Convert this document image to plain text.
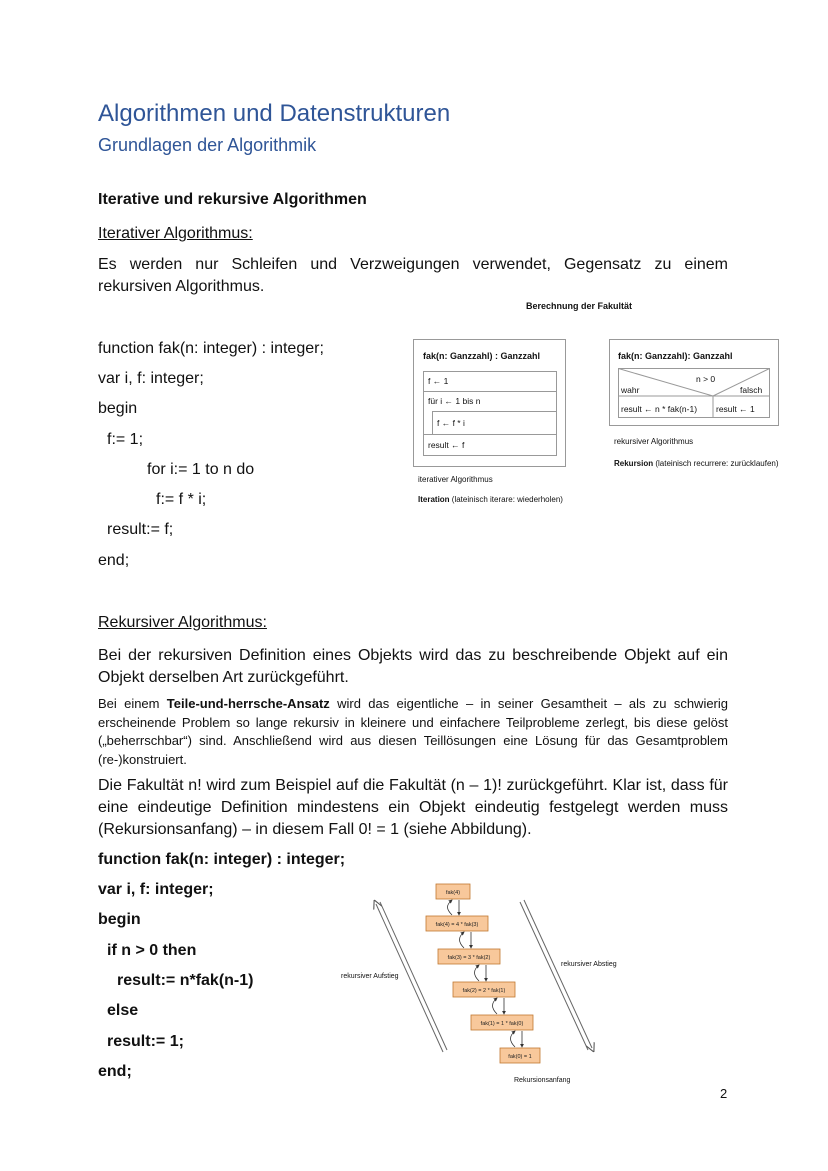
Algorithmen und Datenstrukturen
Grundlagen der Algorithmik
Iterative und rekursive Algorithmen
Iterativer Algorithmus:
Es werden nur Schleifen und Verzweigungen verwendet, Gegensatz zu einem rekursiven Algorithmus.
function fak(n: integer) : integer;
var i, f: integer;
begin
f:= 1;
for i:= 1 to n do
f:= f * i;
result:= f;
end;
Berechnung der Fakultät
fak(n: Ganzzahl) : Ganzzahl
f ← 1
für i ← 1 bis n
f ← f * i
result ← f
iterativer Algorithmus
Iteration (lateinisch iterare: wiederholen)
fak(n: Ganzzahl): Ganzzahl
n > 0
wahr	falsch
result ← n * fak(n-1) result ← 1
rekursiver Algorithmus
Rekursion (lateinisch recurrere: zurücklaufen)
Rekursiver Algorithmus:
Bei der rekursiven Definition eines Objekts wird das zu beschreibende Objekt auf ein Objekt derselben Art zurückgeführt.
Bei einem Teile-und-herrsche-Ansatz wird das eigentliche – in seiner Gesamtheit – als zu schwierig erscheinende Problem so lange rekursiv in kleinere und einfachere Teilprobleme zerlegt, bis diese gelöst („beherrschbar“) sind. Anschließend wird aus diesen Teillösungen eine Lösung für das Gesamtproblem (re-)konstruiert.
Die Fakultät n! wird zum Beispiel auf die Fakultät (n – 1)! zurückgeführt. Klar ist, dass für eine eindeutige Definition mindestens ein Objekt eindeutig festgelegt werden muss (Rekursionsanfang) – in diesem Fall 0! = 1 (siehe Abbildung).
function fak(n: integer) : integer;
var i, f: integer;
begin
if n > 0 then
result:= n*fak(n-1)
else
result:= 1;
end;
fak(4)
fak(4) = 4 * fak(3)
fak(3) = 3 * fak(2)
fak(2) = 2 * fak(1)
fak(1) = 1 * fak(0)
fak(0) = 1
rekursiver Aufstieg
rekursiver Abstieg
Rekursionsanfang
2
